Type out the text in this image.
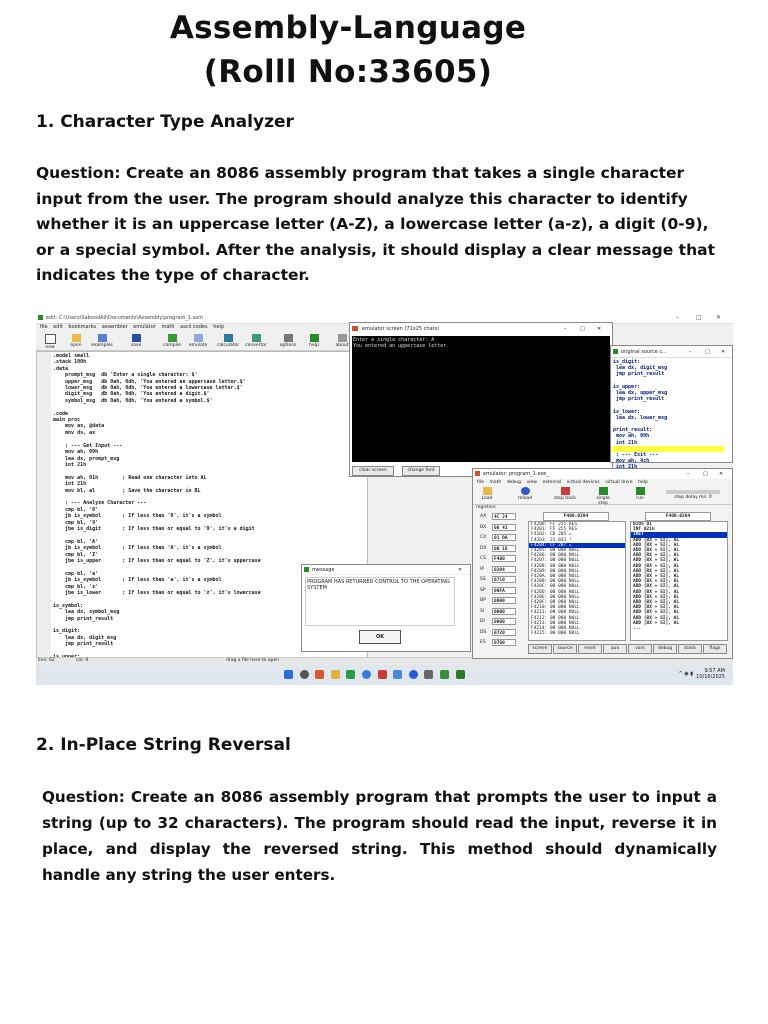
Assembly-Language
(Rolll No:33605)
1. Character Type Analyzer
Question: Create an 8086 assembly program that takes a single character input from the user. The program should analyze this character to identify whether it is an uppercase letter (A-Z), a lowercase letter (a-z), a digit (0-9), or a special symbol. After the analysis, it should display a clear message that indicates the type of character.
edit: C:\Users\SaboodAli\Documents\Assembly\program_1.asm	–	□ ✕
file edit bookmarks assembler emulator math ascii codes help
new	open	examples	save	compile	emulate	calculator convertor	options	help	about
.model small
.stack 100h
.data
prompt_msg  db 'Enter a single character: $'
upper_msg   db 0ah, 0dh, 'You entered an uppercase letter.$'
lower_msg   db 0ah, 0dh, 'You entered a lowercase letter.$'
digit_msg   db 0ah, 0dh, 'You entered a digit.$'
symbol_msg  db 0ah, 0dh, 'You entered a symbol.$'

.code
main proc
mov ax, @data
mov ds, ax

; --- Get Input ---
mov ah, 09h
lea dx, prompt_msg
int 21h

mov ah, 01h        ; Read one character into AL
int 21h
mov bl, al         ; Save the character in BL

; --- Analyze Character ---
cmp bl, '0'
jb is_symbol       ; If less than '0', it's a symbol
cmp bl, '9'
jbe is_digit       ; If less than or equal to '9', it's a digit

cmp bl, 'A'
jb is_symbol       ; If less than 'A', it's a symbol
cmp bl, 'Z'
jbe is_upper       ; If less than or equal to 'Z', it's uppercase

cmp bl, 'a'
jb is_symbol       ; If less than 'a', it's a symbol
cmp bl, 'z'
jbe is_lower       ; If less than or equal to 'z', it's lowercase

is_symbol:
lea dx, symbol_msg
jmp print_result

is_digit:
lea dx, digit_msg
jmp print_result

line: 62	col: 9	drag a file here to open

^ ◉ ▮	9:57 AM
10/16/2025
emulator screen (71x25 chars)	–	□ ✕
Enter a single character: A
You entered an uppercase letter.
clear screen	change font
original source c...	–	□ ✕
is_digit:
lea dx, digit_msg
jmp print_result

is_upper:
lea dx, upper_msg
jmp print_result

is_lower:
lea dx, lower_msg

print_result:
mov ah, 09h
int 21h

; --- Exit ---
mov ah, 4ch

emulator: program_1.exe_	–	□ ✕
file math debug view external virtual devices virtual drive help
Load	reload	step back	single step
run	step delay ms: 0
registers
AX	4C 24
BX	00 41
CX	01 DA
DX	00 10
CS	F400
IP	0204
SS	0710
SP	00FA
BP	0000
SI	0000
DI	0000
DS	0720
ES	0700
F400:0204	F400:0204
F4200: FF 255 RES
F4201: FF 255 RES
F4202: CD 205 =
F4203: 21 033 !
F4204: CF 207 =
F4205: 00 000 NULL
F4206: 00 000 NULL
F4207: 00 000 NULL
F4208: 00 000 NULL
F4209: 00 000 NULL
F420A: 00 000 NULL
F420B: 00 000 NULL
F420C: 00 000 NULL
F420D: 00 000 NULL
F420E: 00 000 NULL
F420F: 00 000 NULL
F4210: 00 000 NULL
F4211: 00 000 NULL
F4212: 00 000 NULL
F4213: 00 000 NULL
F4214: 00 000 NULL
F4215: 00 000 NULL
BIOS DI
INT 021h
IRET
ADD [BX + SI], AL
ADD [BX + SI], AL
ADD [BX + SI], AL
ADD [BX + SI], AL
ADD [BX + SI], AL
ADD [BX + SI], AL
ADD [BX + SI], AL
ADD [BX + SI], AL
ADD [BX + SI], AL
ADD [BX + SI], AL
ADD [BX + SI], AL
ADD [BX + SI], AL
ADD [BX + SI], AL
ADD [BX + SI], AL
ADD [BX + SI], AL
ADD [BX + SI], AL
ADD [BX + SI], AL
...
screen	source	reset	aux	vars	debug	stack	flags
message	✕
PROGRAM HAS RETURNED CONTROL TO THE OPERATING SYSTEM
OK
2. In-Place String Reversal
Question: Create an 8086 assembly program that prompts the user to input a string (up to 32 characters). The program should read the input, reverse it in place, and display the reversed string. This method should dynamically handle any string the user enters.
